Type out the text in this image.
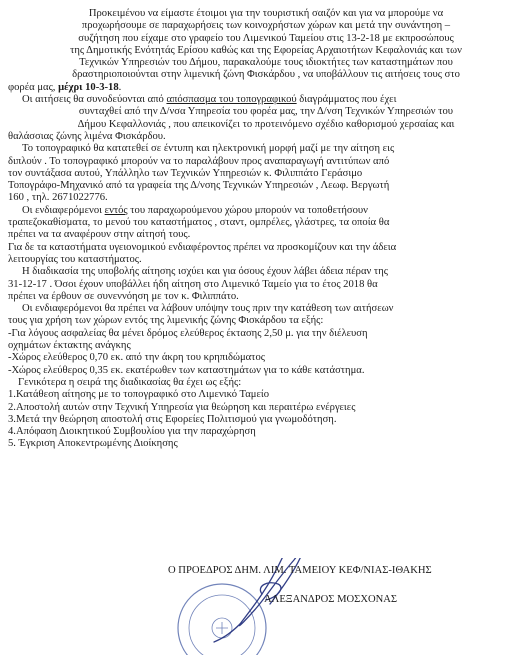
Προκειμένου να είμαστε έτοιμοι για την τουριστική σαιζόν και για να μπορούμε να
προχωρήσουμε σε παραχωρήσεις των κοινοχρήστων χώρων και μετά την συνάντηση –
συζήτηση που είχαμε στο γραφείο του Λιμενικού Ταμείου στις 13-2-18 με εκπροσώπους
της Δημοτικής Ενότητάς Ερίσου καθώς και της Εφορείας Αρχαιοτήτων Κεφαλονιάς και των
Τεχνικών Υπηρεσιών του Δήμου, παρακαλούμε τους ιδιοκτήτες των καταστημάτων που
δραστηριοποιούνται στην λιμενική ζώνη Φισκάρδου , να υποβάλλουν τις αιτήσεις τους στο
φορέα μας, μέχρι 10-3-18.
Οι αιτήσεις θα συνοδεύονται από απόσπασμα του τοπογραφικού διαγράμματος που έχει
συνταχθεί από την Δ/νσα Υπηρεσία του φορέα μας, την Δ/νση Τεχνικών Υπηρεσιών του
Δήμου Κεφαλλονιάς , που απεικονίζει το προτεινόμενο σχέδιο καθορισμού χερσαίας και
θαλάσσιας ζώνης λιμένα Φισκάρδου.
Το τοπογραφικό θα κατατεθεί σε έντυπη και ηλεκτρονική μορφή μαζί με την αίτηση εις
διπλούν . Το τοπογραφικό μπορούν να το παραλάβουν προς αναπαραγωγή αντιτύπων από
τον συντάξασα αυτού, Υπάλληλο των Τεχνικών Υπηρεσιών κ. Φιλιππάτο Γεράσιμο
Τοπογράφο-Μηχανικό από τα γραφεία της Δ/νσης Τεχνικών Υπηρεσιών , Λεωφ. Βεργωτή
160 , τηλ. 2671022776.
Οι ενδιαφερόμενοι εντός του παραχωρούμενου χώρου μπορούν να τοποθετήσουν
τραπεζοκαθίσματα, το μενού του καταστήματος , σταντ, ομπρέλες, γλάστρες, τα οποία θα
πρέπει να τα αναφέρουν στην αίτησή τους.
Για δε τα καταστήματα υγειονομικού ενδιαφέροντος πρέπει να προσκομίζουν και την άδεια
λειτουργίας του καταστήματος.
Η διαδικασία της υποβολής αίτησης ισχύει και για όσους έχουν λάβει άδεια πέραν της
31-12-17 . Όσοι έχουν υποβάλλει ήδη αίτηση στο Λιμενικό Ταμείο για το έτος 2018 θα
πρέπει να έρθουν σε συνεννόηση με τον κ. Φιλιππάτο.
Οι ενδιαφερόμενοι θα πρέπει να λάβουν υπόψην τους πριν την κατάθεση των αιτήσεων
τους για χρήση των χώρων εντός της λιμενικής ζώνης Φισκάρδου τα εξής:
-Για λόγους ασφαλείας θα μένει δρόμος ελεύθερος έκτασης 2,50 μ. για την διέλευση
οχημάτων έκτακτης ανάγκης
-Χώρος ελεύθερος 0,70 εκ. από την άκρη του κρηπιδώματος
-Χώρος ελεύθερος 0,35 εκ. εκατέρωθεν των καταστημάτων για το κάθε κατάστημα.
Γενικότερα η σειρά της διαδικασίας θα έχει ως εξής:
1.Κατάθεση αίτησης με το τοπογραφικό στο Λιμενικό Ταμείο
2.Αποστολή αυτών στην Τεχνική Υπηρεσία για θεώρηση και περαιτέρω ενέργειες
3.Μετά την θεώρηση αποστολή στις Εφορείες Πολιτισμού για γνωμοδότηση.
4.Απόφαση Διοικητικού Συμβουλίου για την παραχώρηση
5. Έγκριση Αποκεντρωμένης Διοίκησης
Ο ΠΡΟΕΔΡΟΣ ΔΗΜ. ΛΙΜ. ΤΑΜΕΙΟΥ ΚΕΦ/ΝΙΑΣ-ΙΘΑΚΗΣ
ΑΛΕΞΑΝΔΡΟΣ ΜΟΣΧΟΝΑΣ
